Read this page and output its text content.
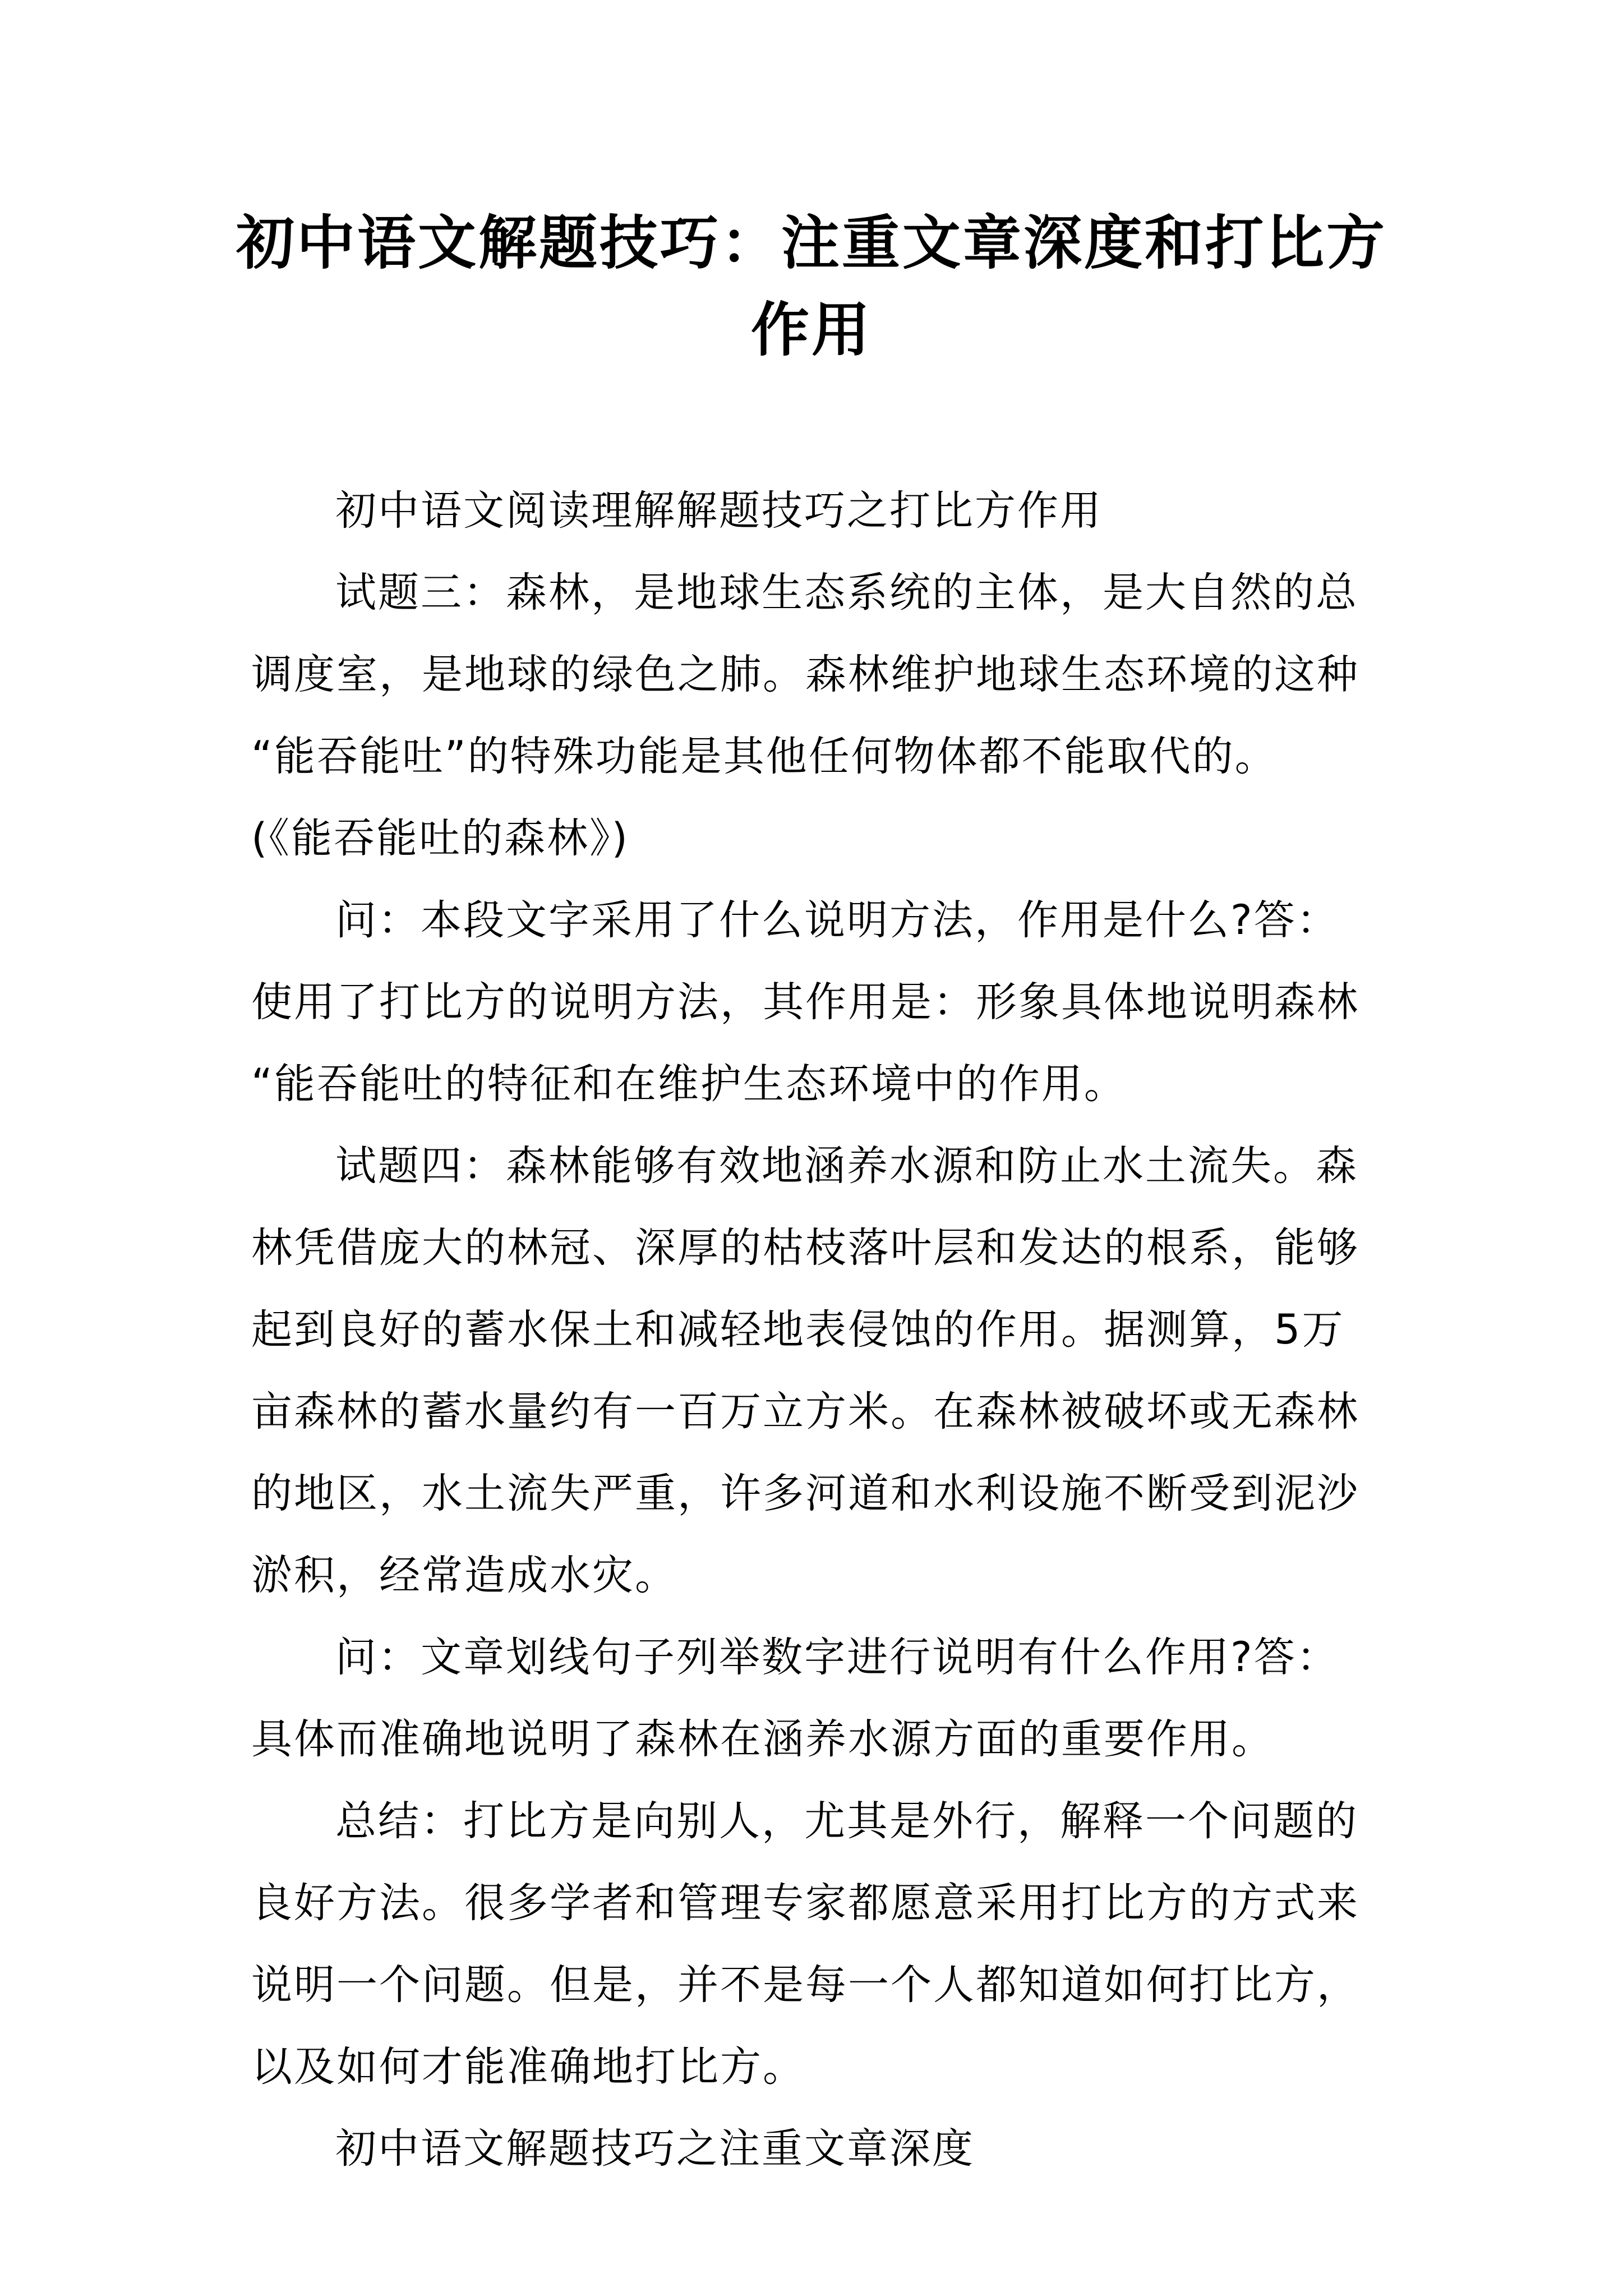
初中语文解题技巧：注重文章深度和打比方
作用
初中语文阅读理解解题技巧之打比方作用
试题三：森林，是地球生态系统的主体，是大自然的总
调度室，是地球的绿色之肺。森林维护地球生态环境的这种
“能吞能吐”的特殊功能是其他任何物体都不能取代的。
(《能吞能吐的森林》)
问：本段文字采用了什么说明方法，作用是什么?答：
使用了打比方的说明方法，其作用是：形象具体地说明森林
“能吞能吐的特征和在维护生态环境中的作用。
试题四：森林能够有效地涵养水源和防止水土流失。森
林凭借庞大的林冠、深厚的枯枝落叶层和发达的根系，能够
起到良好的蓄水保土和减轻地表侵蚀的作用。据测算，5万
亩森林的蓄水量约有一百万立方米。在森林被破坏或无森林
的地区，水土流失严重，许多河道和水利设施不断受到泥沙
淤积，经常造成水灾。
问：文章划线句子列举数字进行说明有什么作用?答：
具体而准确地说明了森林在涵养水源方面的重要作用。
总结：打比方是向别人，尤其是外行，解释一个问题的
良好方法。很多学者和管理专家都愿意采用打比方的方式来
说明一个问题。但是，并不是每一个人都知道如何打比方，
以及如何才能准确地打比方。
初中语文解题技巧之注重文章深度
